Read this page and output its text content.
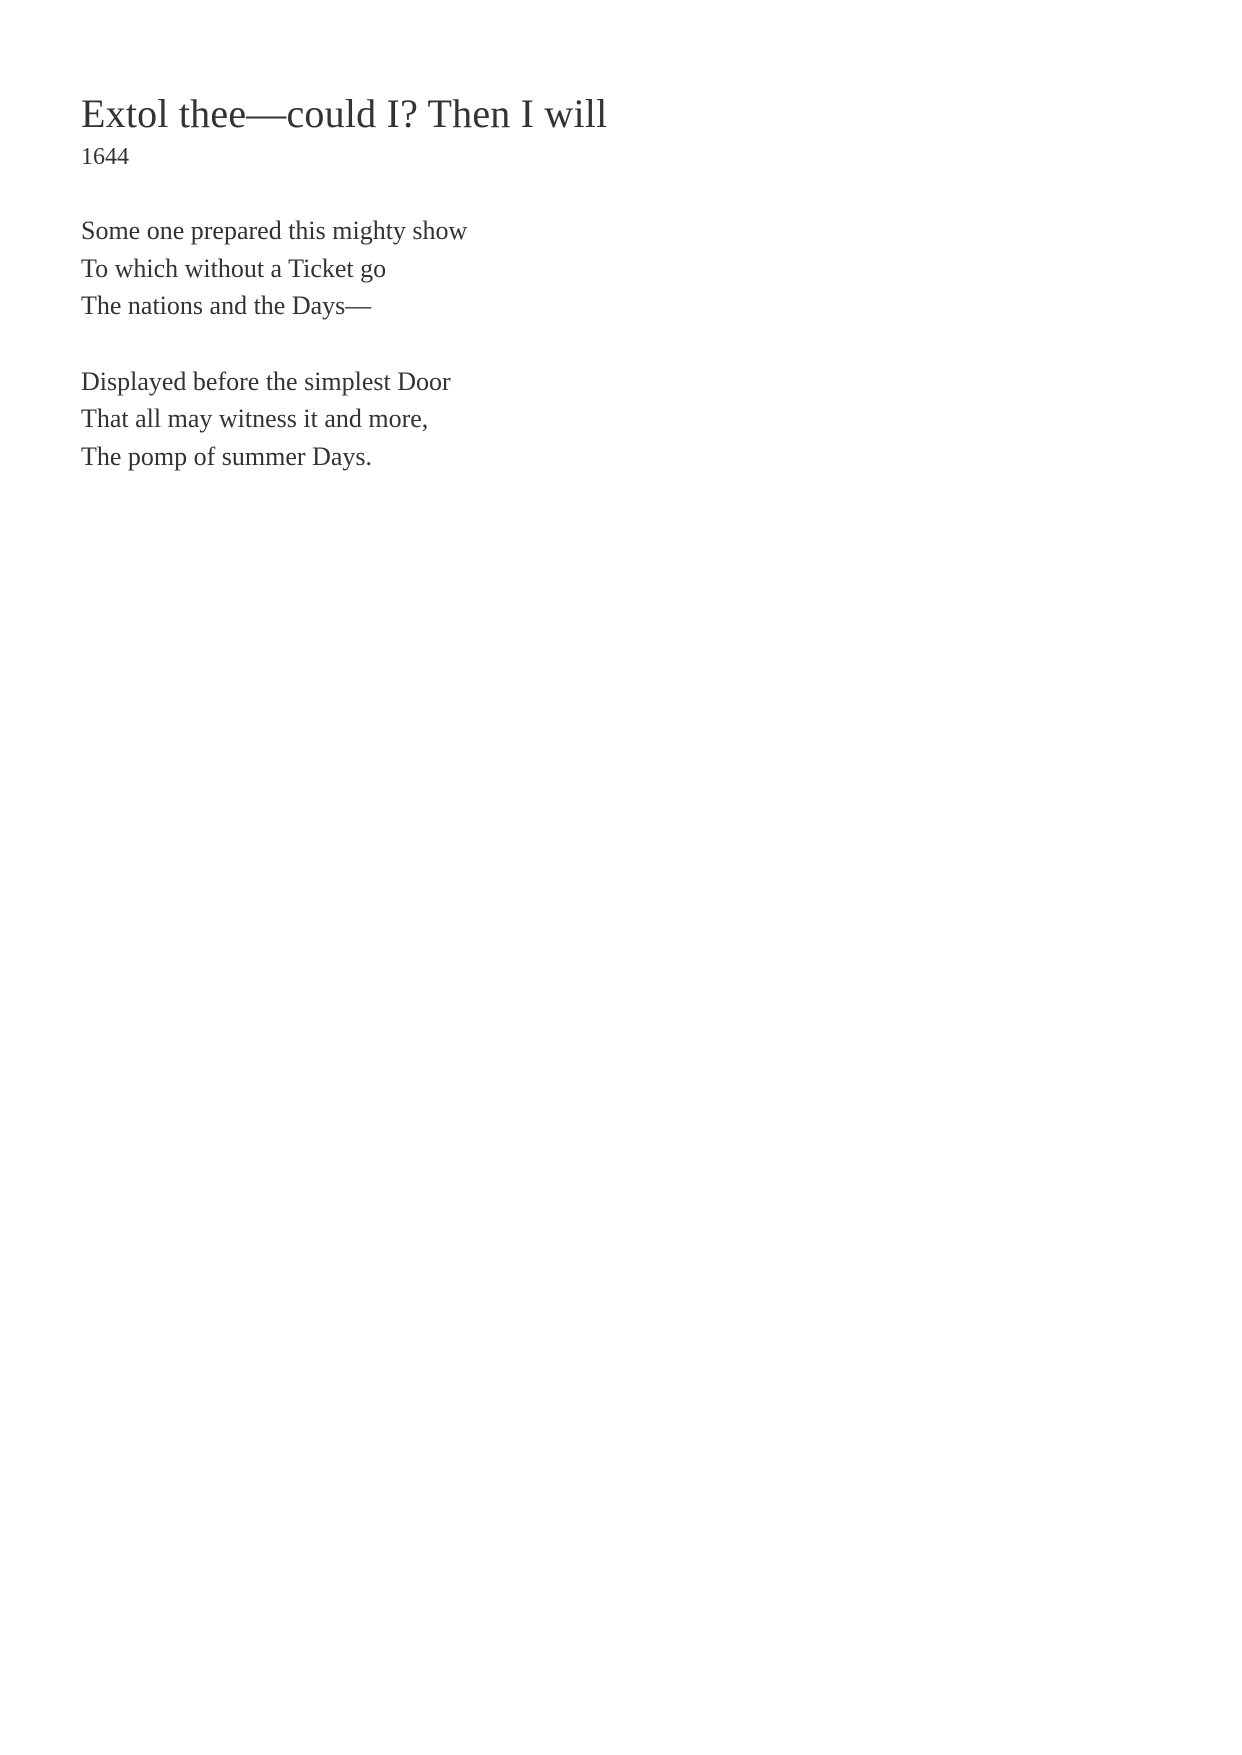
Extol thee—could I? Then I will

1644

Some one prepared this mighty show
To which without a Ticket go
The nations and the Days—
Displayed before the simplest Door
That all may witness it and more,
The pomp of summer Days.
